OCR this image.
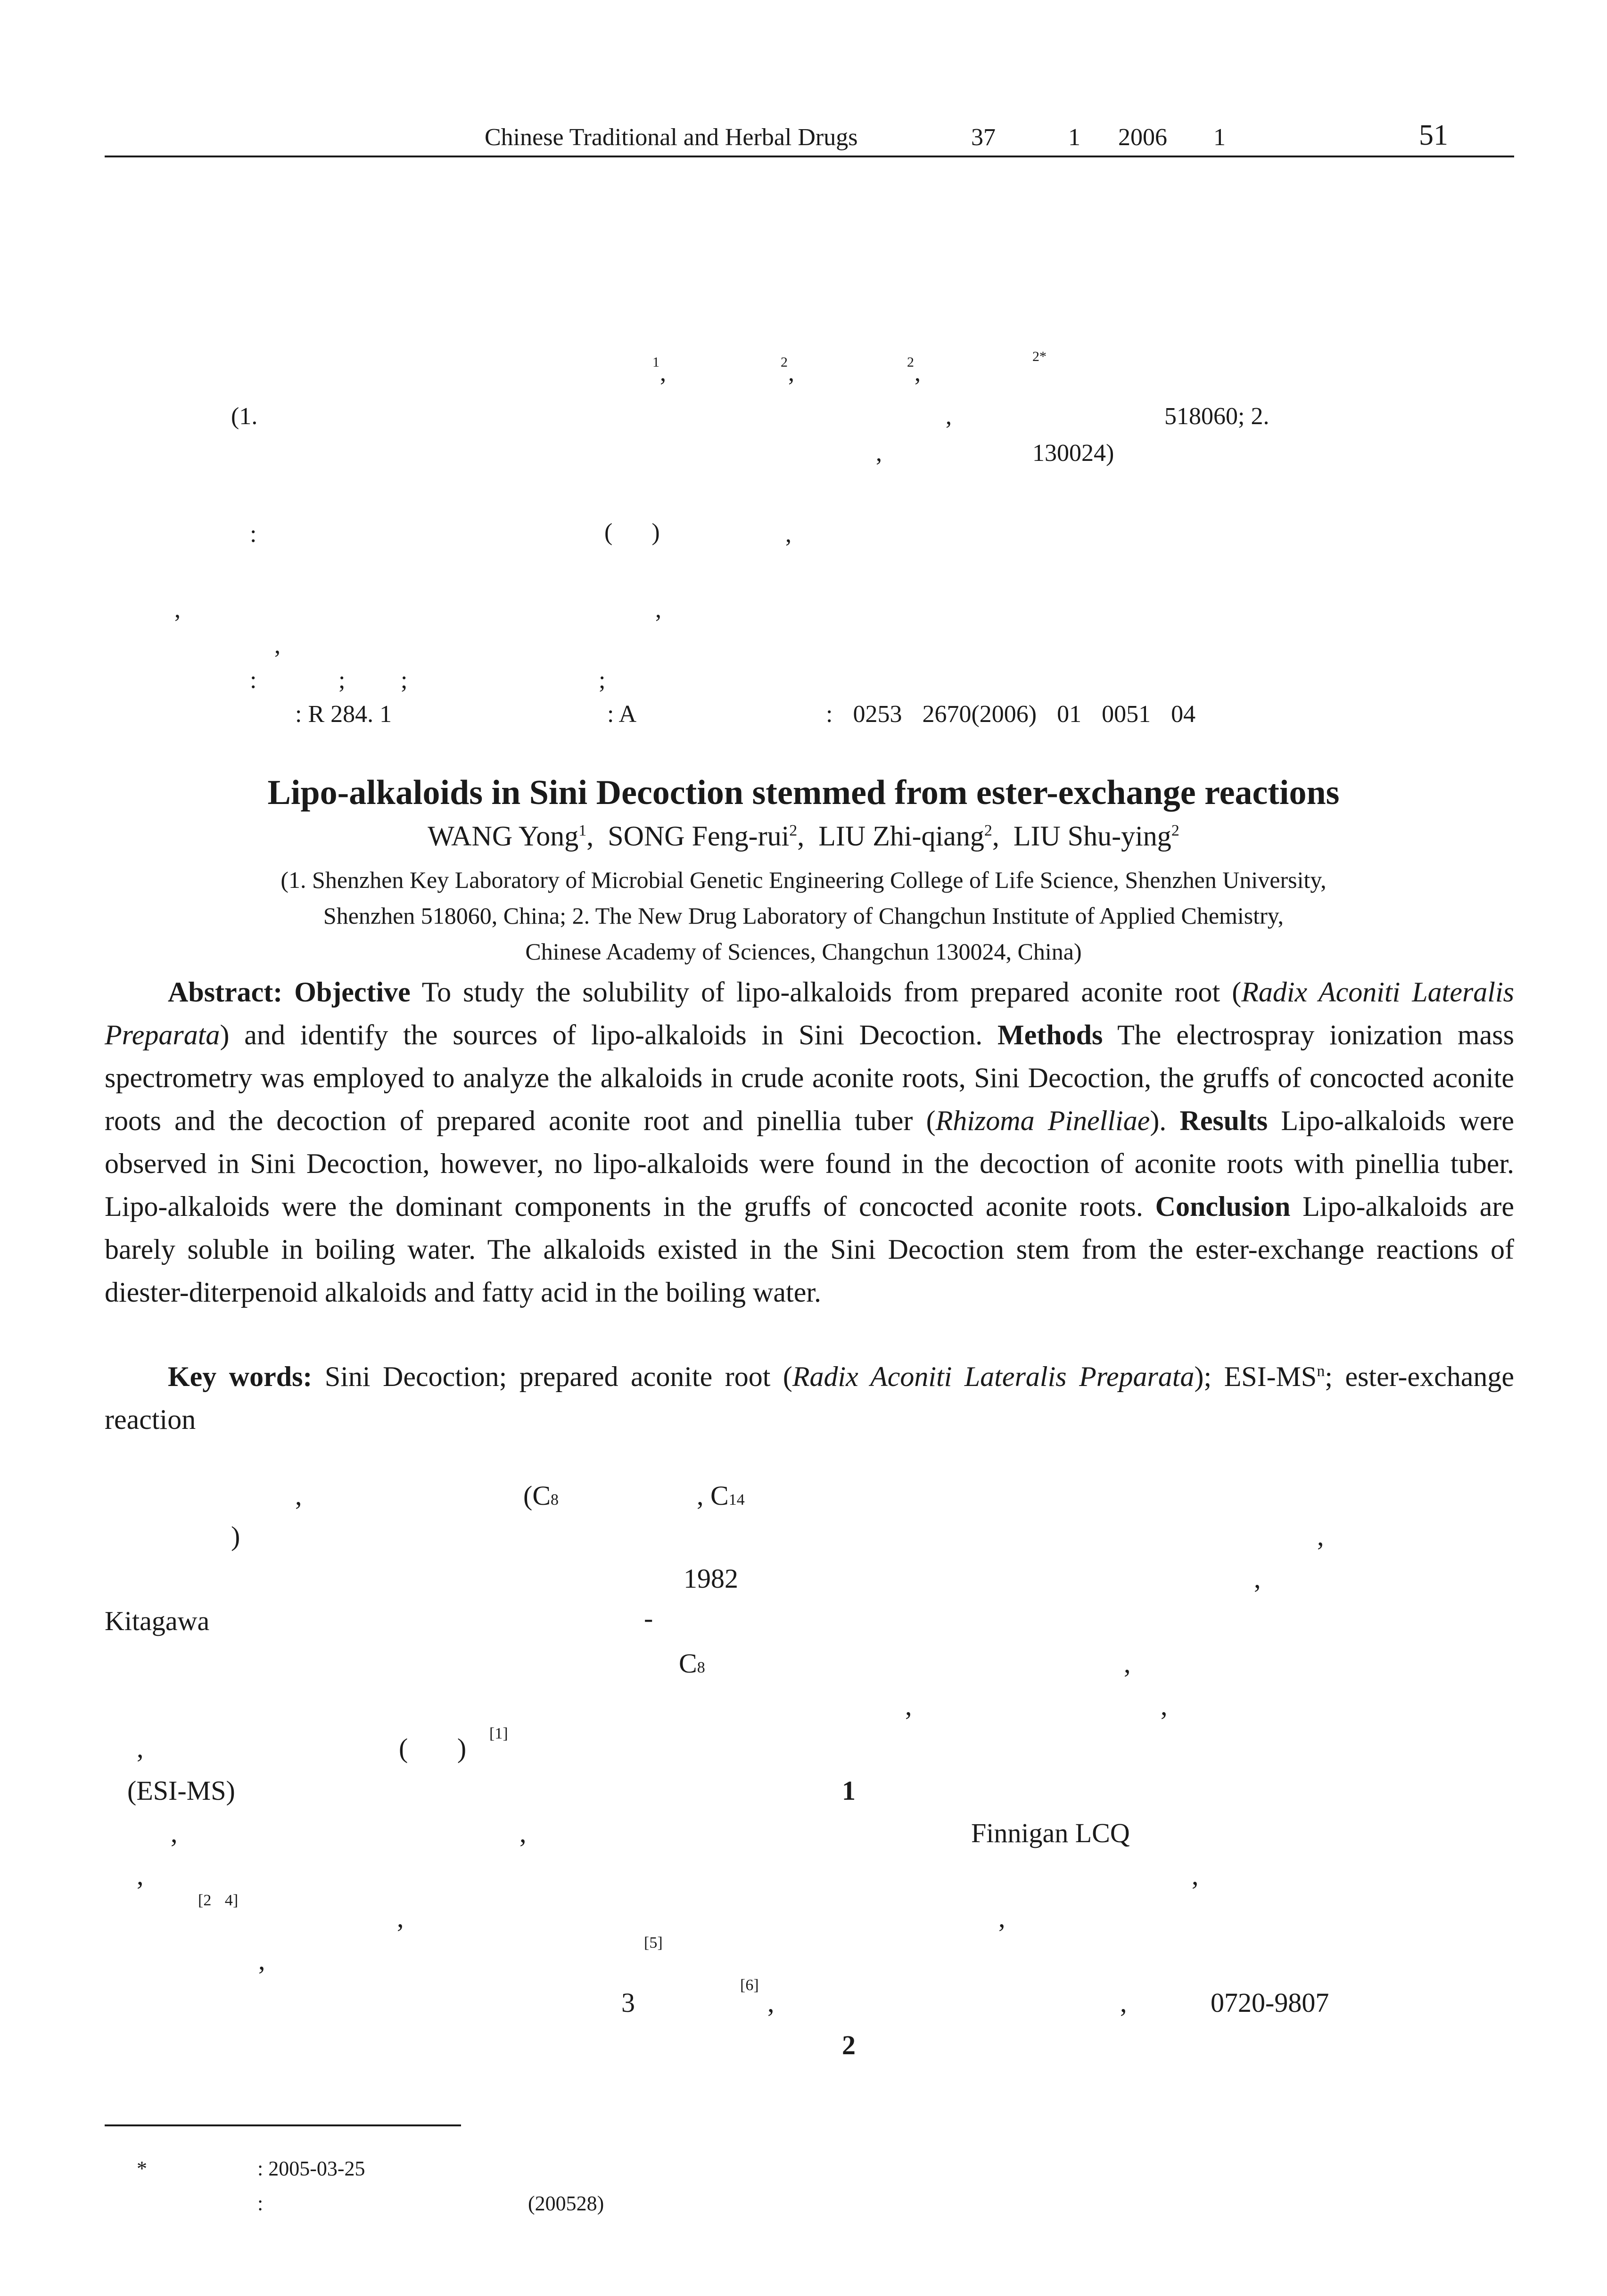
Chinese Traditional and Herbal Drugs	37	1 2006 1	51
1 ,	2 ,	2 ,
2*
(1.	,	518060; 2.
,	130024)
:	( )	,
,	,
,
:	; ;	;
: R 284. 1	: A	: 0253 2670(2006) 01 0051 04
Lipo-alkaloids in Sini Decoction stemmed from ester-exchange reactions
WANG Yong$^1$,  SONG Feng-rui$^2$,  LIU Zhi-qiang$^2$,  LIU Shu-ying$^2$
(1. Shenzhen Key Laboratory of Microbial Genetic Engineering College of Life Science, Shenzhen University,
Shenzhen 518060, China; 2. The New Drug Laboratory of Changchun Institute of Applied Chemistry,
Chinese Academy of Sciences, Changchun 130024, China)
Abstract: Objective To study the solubility of lipo-alkaloids from prepared aconite root (Radix Aconiti Lateralis Preparata) and identify the sources of lipo-alkaloids in Sini Decoction. Methods The electrospray ionization mass spectrometry was employed to analyze the alkaloids in crude aconite roots, Sini Decoction, the gruffs of concocted aconite roots and the decoction of prepared aconite root and pinellia tuber (Rhizoma Pinelliae). Results Lipo-alkaloids were observed in Sini Decoction, however, no lipo-alkaloids were found in the decoction of aconite roots with pinellia tuber. Lipo-alkaloids were the dominant components in the gruffs of concocted aconite roots. Conclusion Lipo-alkaloids are barely soluble in boiling water. The alkaloids existed in the Sini Decoction stem from the ester-exchange reactions of diester-diterpenoid alkaloids and fatty acid in the boiling water.
Key words: Sini Decoction; prepared aconite root (Radix Aconiti Lateralis Preparata); ESI-$MS^n$; ester-exchange reaction
,	(C8	, C14
)	,
1982	,
Kitagawa	-
C8	,
,	,
,	( ) [1]
(ESI-MS)	1
,	,	Finnigan LCQ
,	,
[2 4]
,	,
[5]
,
3
[6]
,	,	0720-9807
2
*	: 2005-03-25
:	(200528)
